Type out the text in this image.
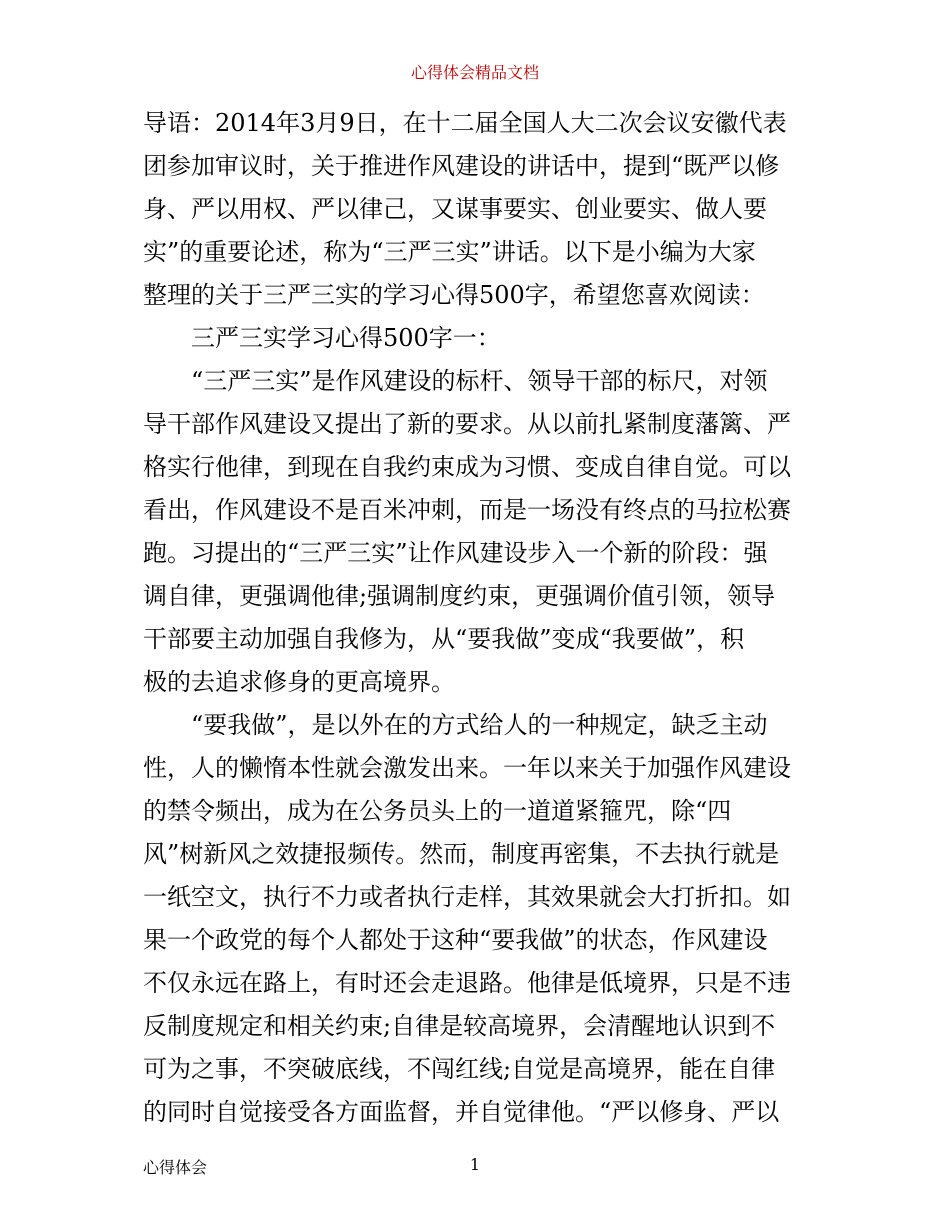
心得体会精品文档
导语：2014年3月9日，在十二届全国人大二次会议安徽代表
团参加审议时，关于推进作风建设的讲话中，提到“既严以修
身、严以用权、严以律己，又谋事要实、创业要实、做人要
实”的重要论述，称为“三严三实”讲话。以下是小编为大家
整理的关于三严三实的学习心得500字，希望您喜欢阅读：
三严三实学习心得500字一：
“三严三实”是作风建设的标杆、领导干部的标尺，对领
导干部作风建设又提出了新的要求。从以前扎紧制度藩篱、严
格实行他律，到现在自我约束成为习惯、变成自律自觉。可以
看出，作风建设不是百米冲刺，而是一场没有终点的马拉松赛
跑。习提出的“三严三实”让作风建设步入一个新的阶段：强
调自律，更强调他律;强调制度约束，更强调价值引领，领导
干部要主动加强自我修为，从“要我做”变成“我要做”，积
极的去追求修身的更高境界。
“要我做”，是以外在的方式给人的一种规定，缺乏主动
性，人的懒惰本性就会激发出来。一年以来关于加强作风建设
的禁令频出，成为在公务员头上的一道道紧箍咒，除“四
风”树新风之效捷报频传。然而，制度再密集，不去执行就是
一纸空文，执行不力或者执行走样，其效果就会大打折扣。如
果一个政党的每个人都处于这种“要我做”的状态，作风建设
不仅永远在路上，有时还会走退路。他律是低境界，只是不违
反制度规定和相关约束;自律是较高境界，会清醒地认识到不
可为之事，不突破底线，不闯红线;自觉是高境界，能在自律
的同时自觉接受各方面监督，并自觉律他。“严以修身、严以
心得体会	1
